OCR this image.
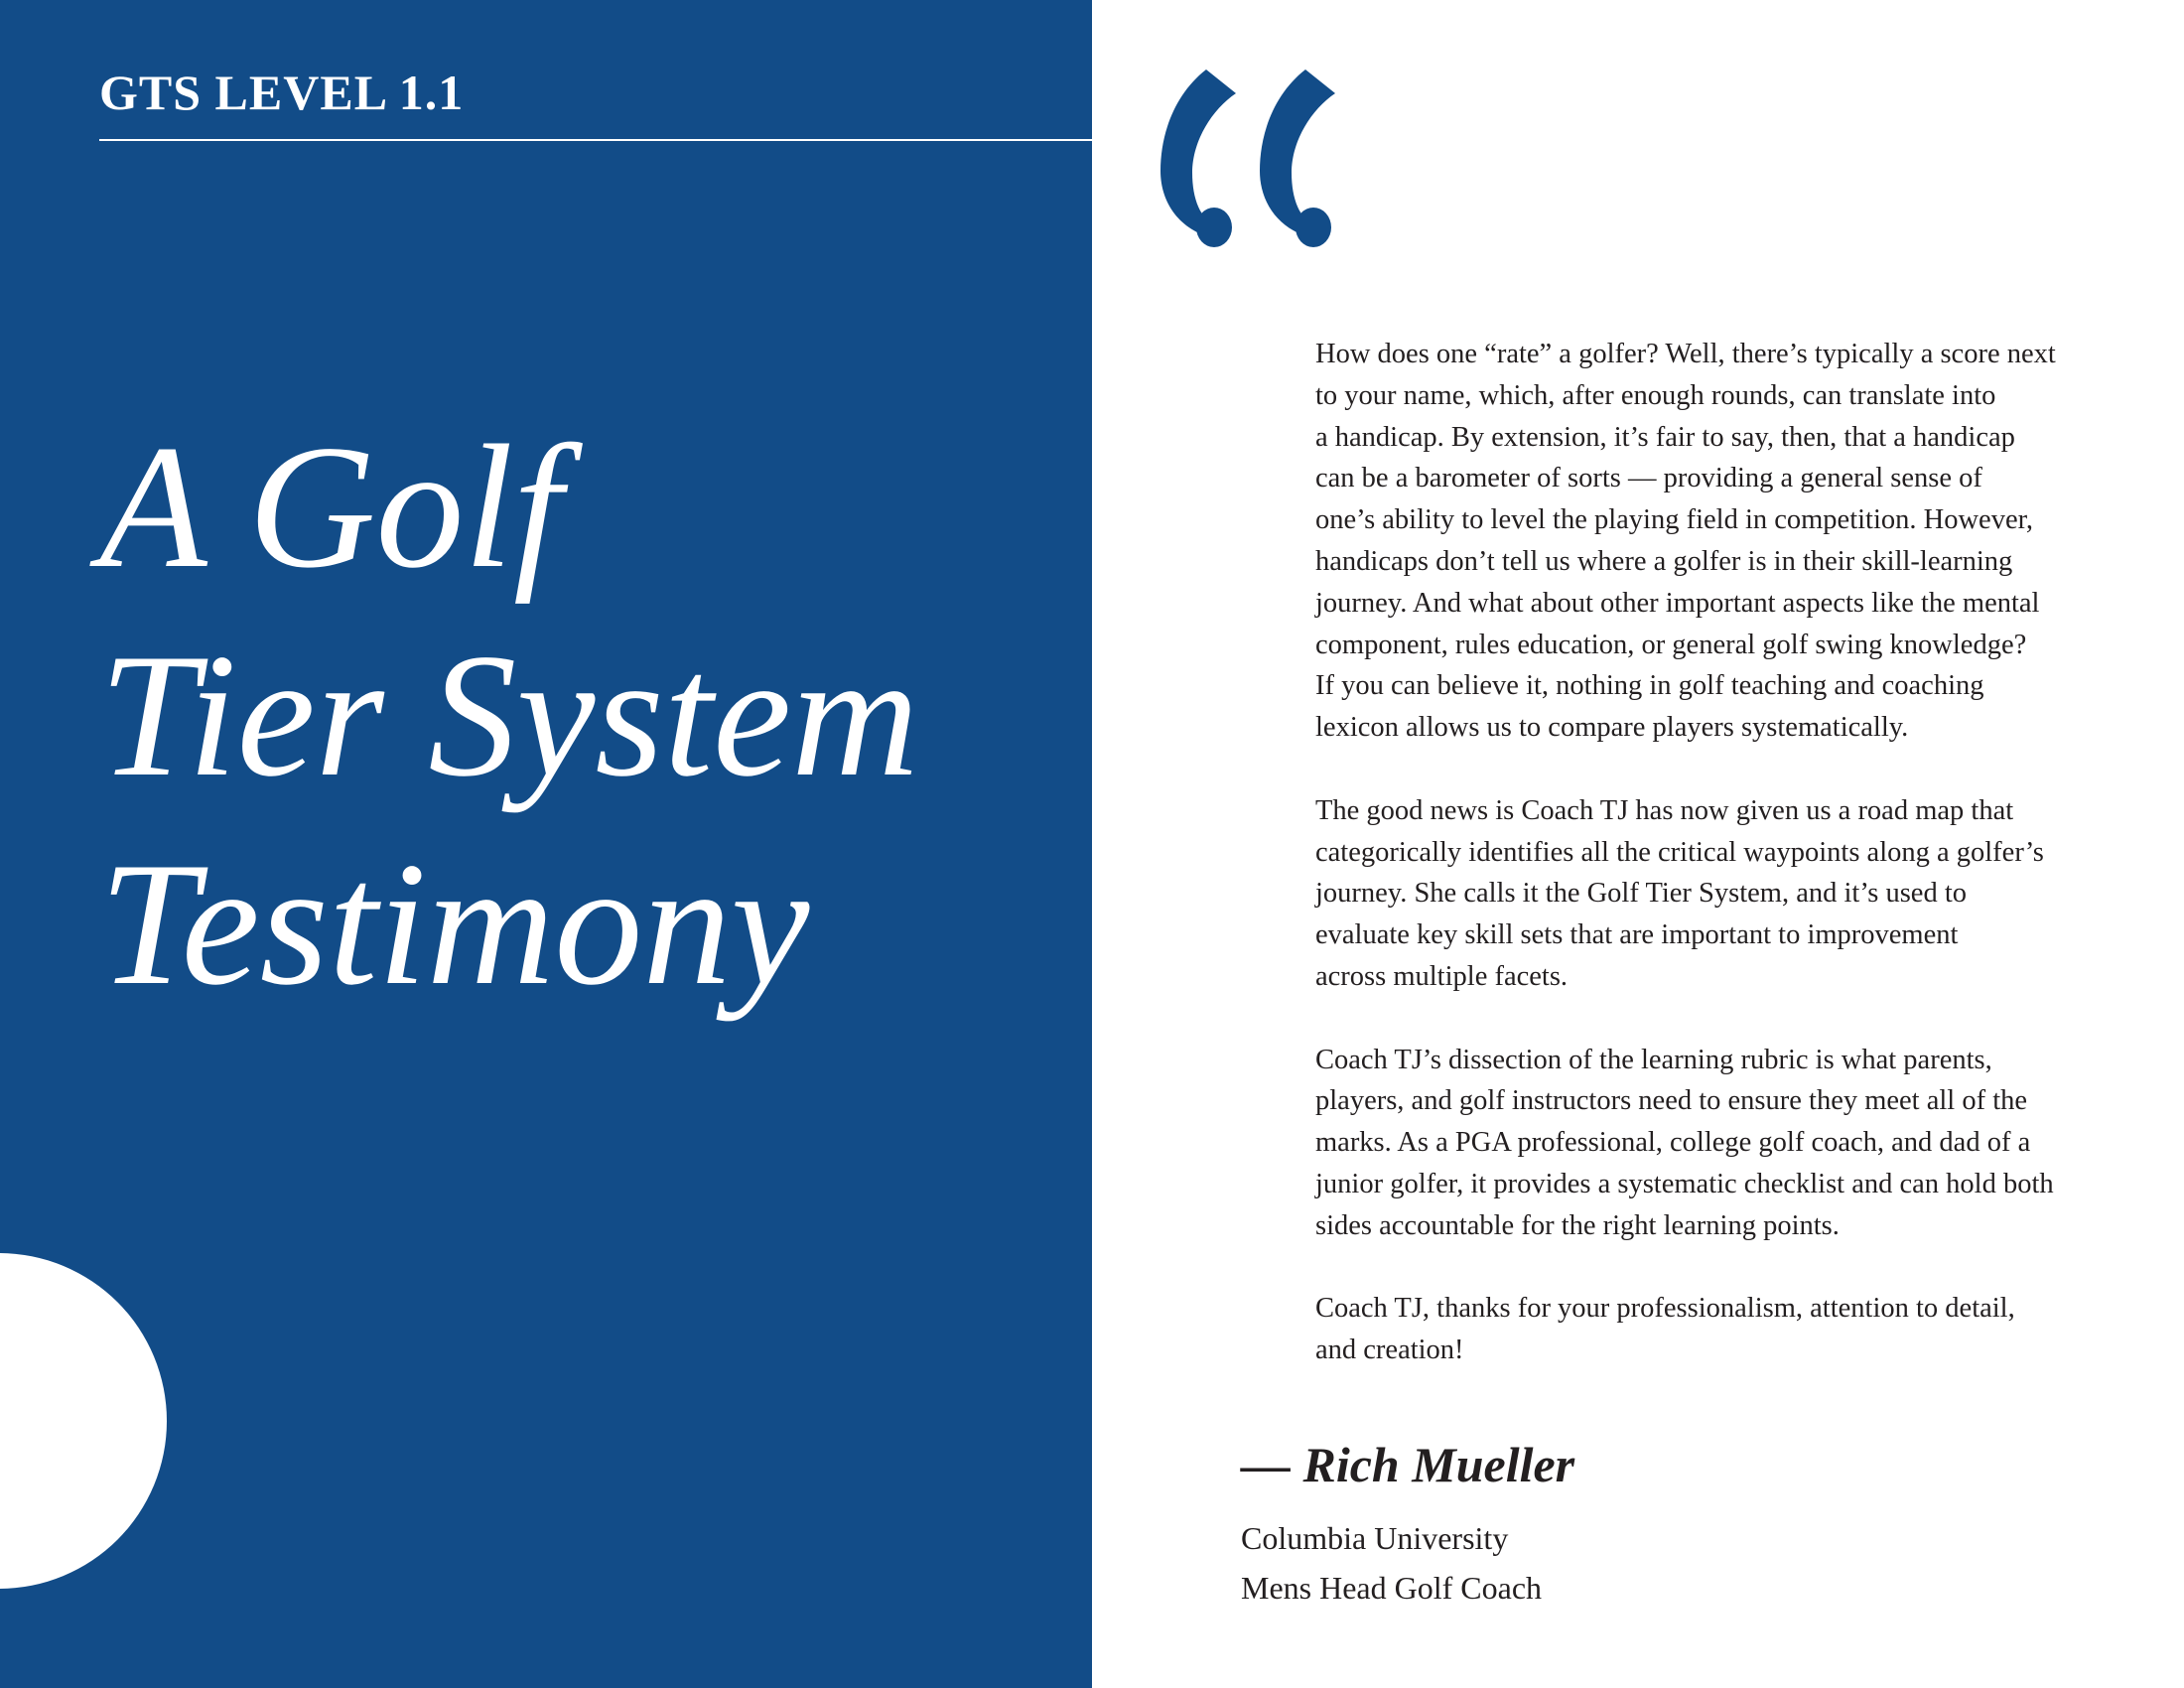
GTS LEVEL 1.1
A Golf
Tier System
Testimony

How does one “rate” a golfer? Well, there’s typically a score next
to your name, which, after enough rounds, can translate into
a handicap. By extension, it’s fair to say, then, that a handicap
can be a barometer of sorts — providing a general sense of
one’s ability to level the playing field in competition. However,
handicaps don’t tell us where a golfer is in their skill-learning
journey. And what about other important aspects like the mental
component, rules education, or general golf swing knowledge?
If you can believe it, nothing in golf teaching and coaching
lexicon allows us to compare players systematically.

The good news is Coach TJ has now given us a road map that
categorically identifies all the critical waypoints along a golfer’s
journey. She calls it the Golf Tier System, and it’s used to
evaluate key skill sets that are important to improvement
across multiple facets.

Coach TJ’s dissection of the learning rubric is what parents,
players, and golf instructors need to ensure they meet all of the
marks. As a PGA professional, college golf coach, and dad of a
junior golfer, it provides a systematic checklist and can hold both
sides accountable for the right learning points.

Coach TJ, thanks for your professionalism, attention to detail,
and creation!

— Rich Mueller
Columbia University
Mens Head Golf Coach
